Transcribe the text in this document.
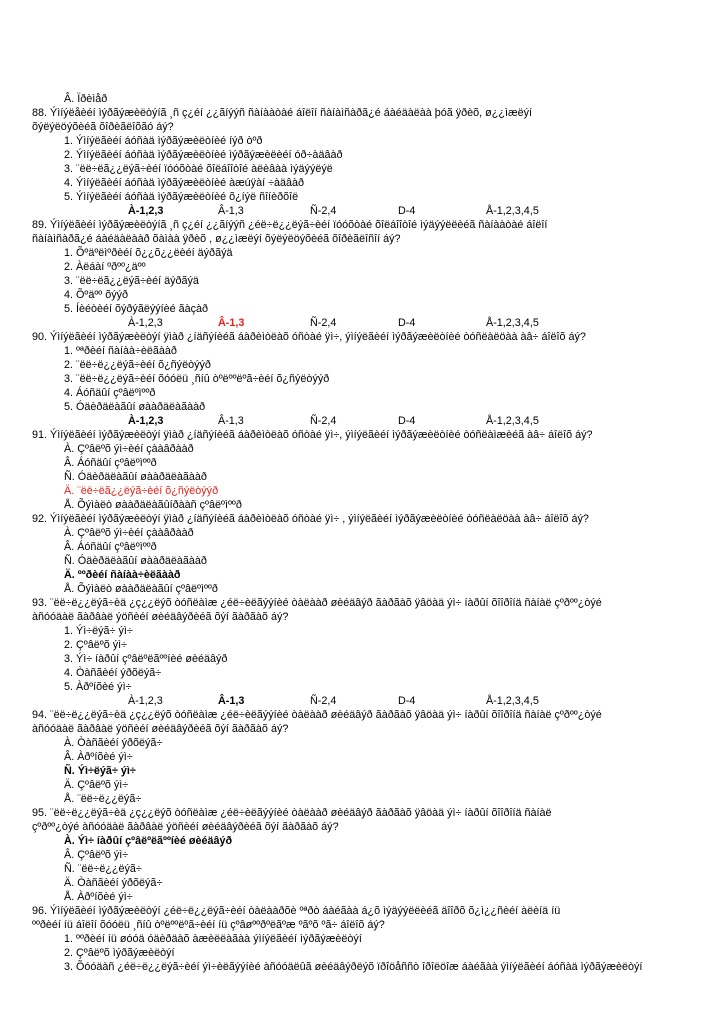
Â. Ïðèìåð
88. Ýìíýëåèéí ìýðãýæèëòýíã ¸ñ ç¿éí ¿¿ãíýýñ ñàíààòàé áîëîí ñàíàìñàðã¿é áàéäàëàà þóã ÿðèõ, ø¿¿ìæëýí
õýëýëöýõèéã õîðèãëîõãó áý?
1. Ýìíýëãèéí áóñàä ìýðãýæèëòíèé íýð òºð
2. Ýìíýëãèéí áóñàä ìýðãýæèëòíèé ìýðãýæèëèéí óð÷àäâàð
3. ¨ëë÷ëã¿¿ëýã÷èéí ïóóõòàé õîëáîîòîé àëèâàà ìýäýýëýë
4. Ýìíýëãèéí áóñàä ìýðãýæèëòíèé àæúÿàí ÷àäâàð
5. Ýìíýëãèéí áóñàä ìýðãýæèëòíèé õ¿íýë ñîíèðõîë
À-1,2,3	Â-1,3	Ñ-2,4	D-4	Å-1,2,3,4,5
89. Ýìíýëãèéí ìýðãýæèëòýíã ¸ñ ç¿éí ¿¿ãíýýñ ¿éë÷ë¿¿ëýã÷èéí ïóóõòàé õîëáîîòîé ìýäýýëëèéã ñàíààòàé áîëîí
ñàíàìñàðã¿é áàéäàëààð õàìàà ÿðèõ , ø¿¿ìæëýí õýëýëöýõèéã õîðèãëîñîí áý?
1. Õºäºëìºðèéí õ¿¿õ¿¿ëèéí äýðãýä
2. Àëáàí ºðºº¿äºº
3. ¨ëë÷ëã¿¿ëýã÷èéí äýðãýä
4. Õºäºº õýýð
5. Íèéòèéí õýðýãëýýíèé ãàçàð
À-1,2,3	Â-1,3	Ñ-2,4	D-4	Å-1,2,3,4,5
90. Ýìíýëãèéí ìýðãýæèëòýí ÿìàð ¿íäñýíèéã áàðèìòëàõ óñòàé ÿì÷, ýìíýëãèéí ìýðãýæèëòíèé òóñëàëöàà àâ÷ áîëîõ áý?
1. ºªðèéí ñàíàà÷èëãààð
2. ¨ëë÷ë¿¿ëýã÷èéí õ¿ñýëòýýð
3. ¨ëë÷ë¿¿ëýã÷èéí õóóëü ¸ñíû òºëººëºã÷èéí õ¿ñýëòýýð
4. Áóñäûí çºâëºìººð
5. Óäèðäëàãûí øààðäëàãààð
À-1,2,3	Â-1,3	Ñ-2,4	D-4	Å-1,2,3,4,5
91. Ýìíýëãèéí ìýðãýæèëòýí ÿìàð ¿íäñýíèéã áàðèìòëàõ óñòàé ÿì÷, ýìíýëãèéí ìýðãýæèëòíèé òóñëàìæèéã àâ÷ áîëîõ áý?
À. Çºâëºõ ýì÷èéí çààâðààð
Â. Áóñäûí çºâëºìººð
Ñ. Óäèðäëàãûí øààðäëàãààð
Ä. ¨ëë÷ëã¿¿ëýã÷èéí õ¿ñýëòýýð
Å. Õýìàëò øààðäëàãûíðààñ çºâëºìººð
92. Ýìíýëãèéí ìýðãýæèëòýí ÿìàð ¿íäñýíèéã áàðèìòëàõ óñòàé ÿì÷ , ýìíýëãèéí ìýðãýæèëòíèé òóñëàëöàà àâ÷ áîëîõ áý?
À. Çºâëºõ ýì÷èéí çààâðààð
Â. Áóñäûí çºâëºìººð
Ñ. Óäèðäëàãûí øààðäëàãààð
Ä. ººðèéí ñàíàà÷èëãààð
Å. Õýìàëò øààðäëàãûí çºâëºìººð
93. ¨ëë÷ë¿¿ëýã÷èä ¿ç¿¿ëýõ òóñëàìæ ¿éë÷èëãýýíèé òàëààð øèéäâýð ãàðãàõ ÿâöàä ýì÷ íàðûí õîîðîíä ñàíàë çºðºº¿òýé
àñóóäàë ãàðâàë ýöñèéí øèéäâýðèéã õýí ãàðãàõ áý?
1. Ýì÷ëýã÷ ýì÷
2. Çºâëºõ ýì÷
3. Ýì÷ íàðûí çºâëºëãººíèé øèéäâýð
4. Òàñãèéí ýðõëýã÷
5. Àðºíõèé ýì÷
À-1,2,3	Â-1,3	Ñ-2,4	D-4	Å-1,2,3,4,5
94. ¨ëë÷ë¿¿ëýã÷èä ¿ç¿¿ëýõ òóñëàìæ ¿éë÷èëãýýíèé òàëààð øèéäâýð ãàðãàõ ÿâöàä ýì÷ íàðûí õîîðîíä ñàíàë çºðºº¿òýé
àñóóäàë ãàðâàë ýöñèéí øèéäâýðèéã õýí ãàðãàõ áý?
À. Òàñãèéí ýðõëýã÷
Â. Àðºíõèé ýì÷
Ñ. Ýì÷ëýã÷ ýì÷
Ä. Çºâëºõ ýì÷
Å. ¨ëë÷ë¿¿ëýã÷
95. ¨ëë÷ë¿¿ëýã÷èä ¿ç¿¿ëýõ òóñëàìæ ¿éë÷èëãýýíèé òàëààð øèéäâýð ãàðãàõ ÿâöàä ýì÷ íàðûí õîîðîíä ñàíàë
çºðºº¿òýé àñóóäàë ãàðâàë ýöñèéí øèéäâýðèéã õýí ãàðãàõ áý?
À. Ýì÷ íàðûí çºâëºëãººíèé øèéäâýð
Â. Çºâëºõ ýì÷
Ñ. ¨ëë÷ë¿¿ëýã÷
Ä. Òàñãèéí ýðõëýã÷
Å. Àðºíõèé ýì÷
96. Ýìíýëãèéí ìýðãýæèëòýí ¿éë÷ë¿¿ëýã÷èéí òàëààðõè ºªðò áàéãàà á¿õ ìýäýýëëèéã äîîðõ õ¿ì¿¿ñèéí àëèíä íü
ººðèéí íü áîëîí õóóëü ¸ñíû òºëººëºã÷èéí íü çºâøººðºëãºæ ºãºõ ºã÷ áîëîõ áý?
1. ººðèéí íü øóóä óäèðäàõ àæèëëàãàà ýìíýëãèéí ìýðãýæèëòýí
2. Çºâëºõ ìýðãýæèëòýí
3. Õóóäàñ ¿éë÷ë¿¿ëýã÷èéí ýì÷èëãýýíèé àñóóäëûã øèéäâýðëýõ ïðîöåññò îðîëöîæ áàéãàà ýìíýëãèéí áóñàä ìýðãýæèëòýí
